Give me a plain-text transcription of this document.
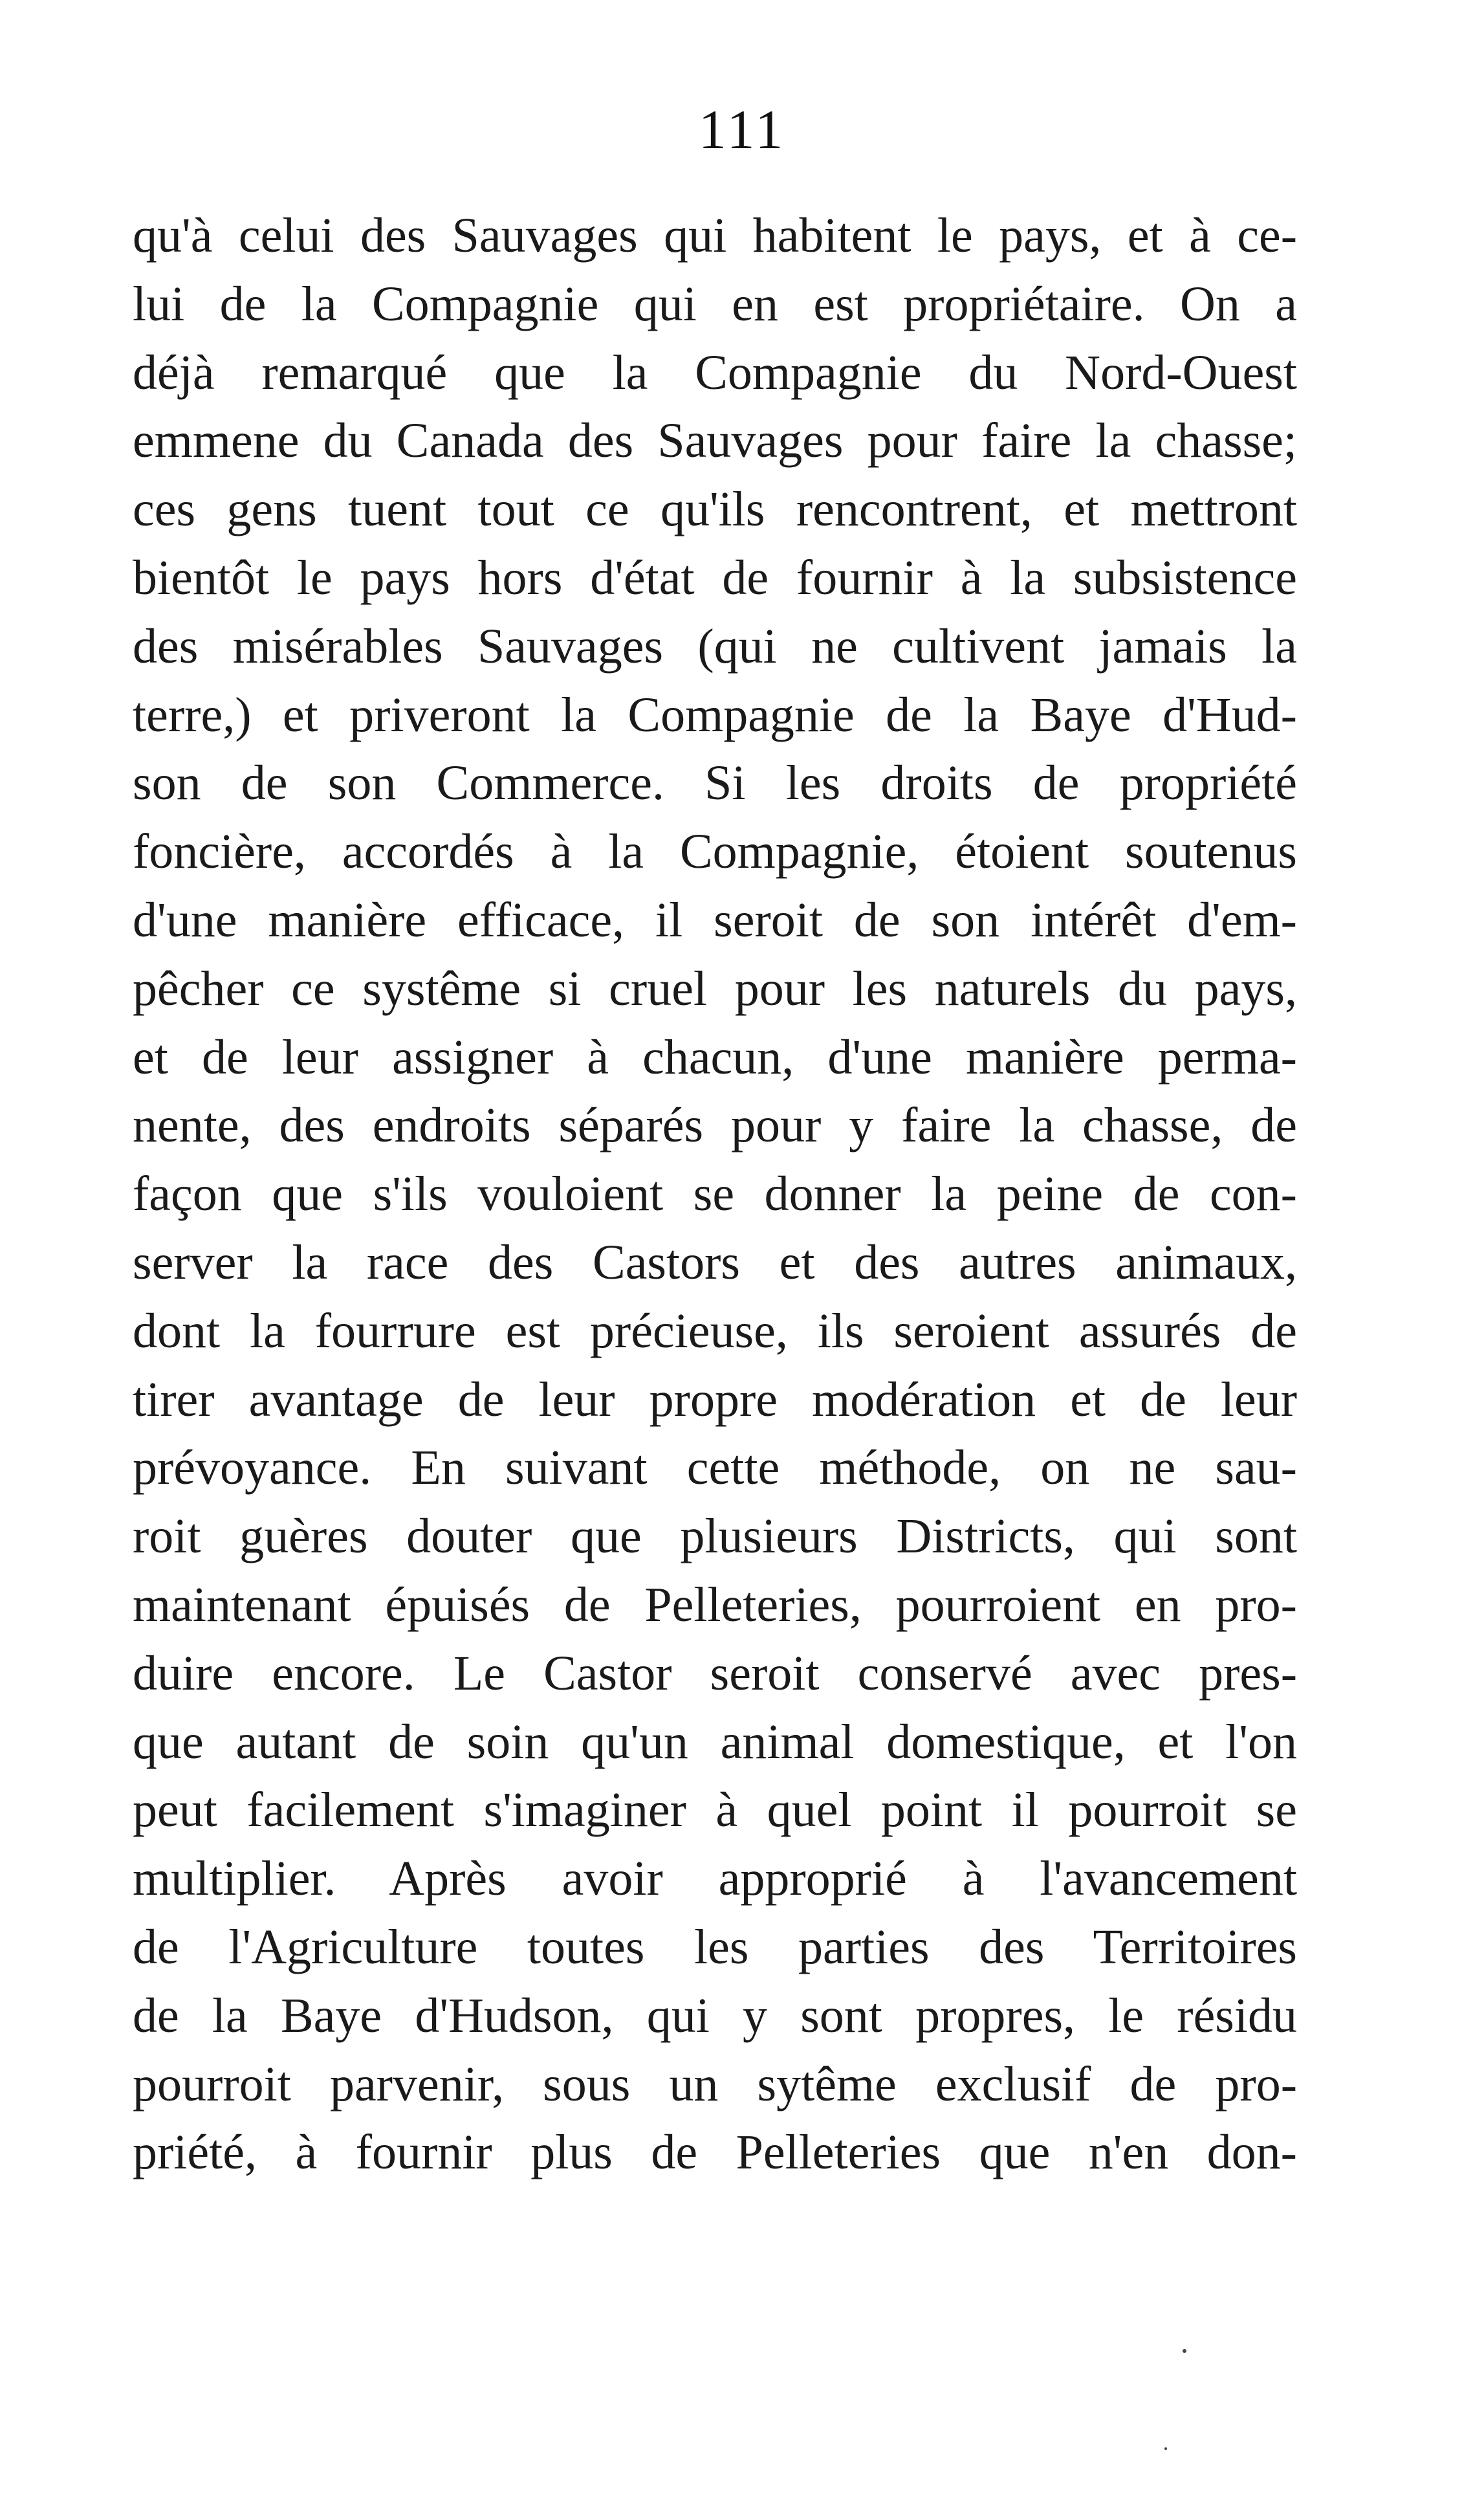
111
qu'à celui des Sauvages qui habitent le pays, et à ce-
lui de la Compagnie qui en est propriétaire. On a
déjà remarqué que la Compagnie du Nord-Ouest
emmene du Canada des Sauvages pour faire la chasse;
ces gens tuent tout ce qu'ils rencontrent, et mettront
bientôt le pays hors d'état de fournir à la subsistence
des misérables Sauvages (qui ne cultivent jamais la
terre,) et priveront la Compagnie de la Baye d'Hud-
son de son Commerce. Si les droits de propriété
foncière, accordés à la Compagnie, étoient soutenus
d'une manière efficace, il seroit de son intérêt d'em-
pêcher ce systême si cruel pour les naturels du pays,
et de leur assigner à chacun, d'une manière perma-
nente, des endroits séparés pour y faire la chasse, de
façon que s'ils vouloient se donner la peine de con-
server la race des Castors et des autres animaux,
dont la fourrure est précieuse, ils seroient assurés de
tirer avantage de leur propre modération et de leur
prévoyance. En suivant cette méthode, on ne sau-
roit guères douter que plusieurs Districts, qui sont
maintenant épuisés de Pelleteries, pourroient en pro-
duire encore. Le Castor seroit conservé avec pres-
que autant de soin qu'un animal domestique, et l'on
peut facilement s'imaginer à quel point il pourroit se
multiplier. Après avoir approprié à l'avancement
de l'Agriculture toutes les parties des Territoires
de la Baye d'Hudson, qui y sont propres, le résidu
pourroit parvenir, sous un sytême exclusif de pro-
priété, à fournir plus de Pelleteries que n'en don-
